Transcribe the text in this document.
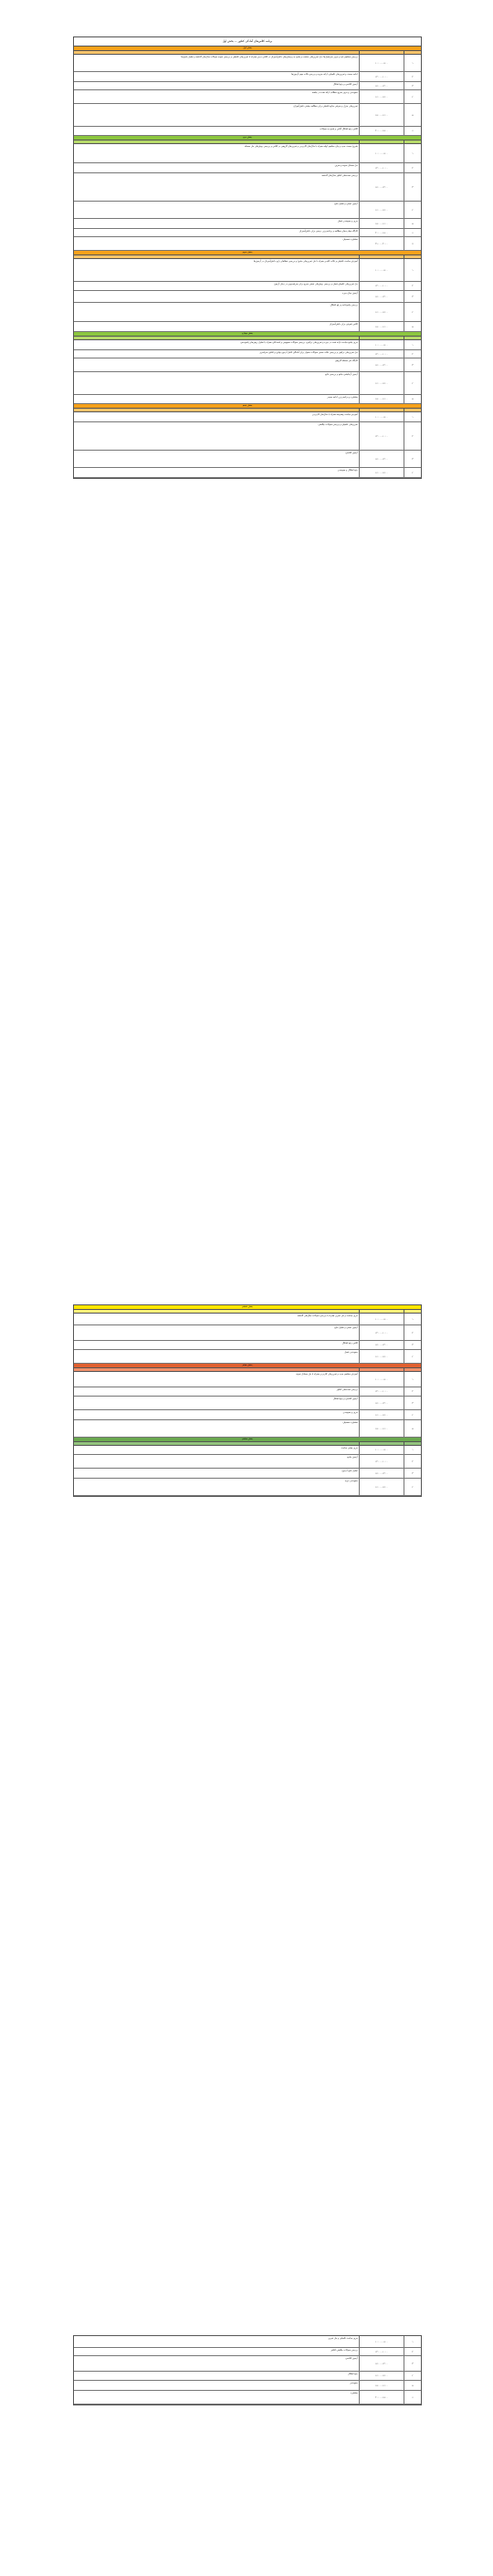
برنامه کلاس‌های آمادگی کنکور — بخش اول
بخش اول
بررسی مفاهیم پایه و مرور سرفصل‌ها، حل تمرین‌های منتخب و پاسخ به پرسش‌های دانش‌آموزان در کلاس درس همراه با تمرین‌های تکمیلی و بررسی نمونه سوالات سال‌های گذشته و تحلیل پاسخ‌ها
۱۰:۰۰ - ۰۸:۰۰	۱
ادامه مبحث و تمرین‌های تکمیلی، ارائه جزوه و بررسی نکات مهم آزمون‌ها
۱۲:۰۰ - ۱۰:۰۰	۲
آزمون کلاسی و رفع اشکال
۱۴:۰۰ - ۱۲:۰۰	۳
جمع‌بندی و مرور سریع مطالب ارائه شده در جلسه
۱۶:۰۰ - ۱۴:۰۰	۴
تمرین‌های منزل و معرفی منابع تکمیلی برای مطالعه بیشتر دانش‌آموزان
۱۸:۰۰ - ۱۶:۰۰	۵
کلاس رفع اشکال آنلاین و پاسخ به سوالات
۲۰:۰۰ - ۱۸:۰۰	۶
بخش دوم
شروع مبحث جدید و بیان مفاهیم اولیه همراه با مثال‌های کاربردی و تمرین‌های گروهی در کلاس و بررسی روش‌های حل مسئله
۱۰:۰۰ - ۰۸:۰۰	۱
حل مسائل نمونه و تمرین
۱۲:۰۰ - ۱۰:۰۰	۲
بررسی تست‌های کنکور سال‌های گذشته
۱۴:۰۰ - ۱۲:۰۰	۳
آزمون تستی و تحلیل نتایج
۱۶:۰۰ - ۱۴:۰۰	۴
مرور و جمع‌بندی فصل
۱۸:۰۰ - ۱۶:۰۰	۵
کارگاه مهارت‌های مطالعه و برنامه‌ریزی درسی برای دانش‌آموزان
۲۰:۰۰ - ۱۸:۰۰	۶
مشاوره تحصیلی
۲۱:۰۰ - ۲۰:۰۰	۷
بخش سوم
آموزش مباحث تکمیلی و نکات کلیدی همراه با حل تمرین‌های متنوع و بررسی خطاهای رایج دانش‌آموزان در آزمون‌ها
۱۰:۰۰ - ۰۸:۰۰	۱
حل تمرین‌های تکمیلی فصل و بررسی روش‌های تستی سریع برای صرفه‌جویی در زمان آزمون
۱۲:۰۰ - ۱۰:۰۰	۲
آزمون میان دوره
۱۴:۰۰ - ۱۲:۰۰	۳
بررسی پاسخ‌نامه و رفع اشکال
۱۶:۰۰ - ۱۴:۰۰	۴
کلاس تقویتی برای دانش‌آموزان
۱۸:۰۰ - ۱۶:۰۰	۵
بخش چهارم
مرور جامع مباحث ارائه شده در دوره و تمرین‌های ترکیبی، بررسی سوالات مفهومی و استدلالی همراه با تحلیل روش‌های پاسخ‌دهی
۱۰:۰۰ - ۰۸:۰۰	۱
حل تمرین‌های ترکیبی و بررسی نکات تستی سوالات دشوار برای آمادگی کامل آزمون نهایی و کنکور سراسری
۱۲:۰۰ - ۱۰:۰۰	۲
کارگاه حل مسئله گروهی
۱۴:۰۰ - ۱۲:۰۰	۳
آزمون آزمایشی جامع و بررسی نتایج
۱۶:۰۰ - ۱۴:۰۰	۴
مشاوره و برنامه‌ریزی ادامه مسیر
۱۸:۰۰ - ۱۶:۰۰	۵
بخش پنجم
آموزش مباحث پیشرفته همراه با مثال‌های کاربردی
۱۰:۰۰ - ۰۸:۰۰	۱
تمرین‌های تکمیلی و بررسی سوالات چالشی
۱۲:۰۰ - ۱۰:۰۰	۲
آزمون کلاسی
۱۴:۰۰ - ۱۲:۰۰	۳
رفع اشکال و جمع‌بندی
۱۶:۰۰ - ۱۴:۰۰	۴
بخش ششم
مرور مباحث و حل تمرین همراه با بررسی سوالات سال‌های گذشته
۱۰:۰۰ - ۰۸:۰۰	۱
آزمون تستی و تحلیل نتایج
۱۲:۰۰ - ۱۰:۰۰	۲
کلاس رفع اشکال
۱۴:۰۰ - ۱۲:۰۰	۳
جمع‌بندی فصل
۱۶:۰۰ - ۱۴:۰۰	۴
بخش هفتم
آموزش مفاهیم جدید و تمرین‌های کاربردی همراه با حل مسائل نمونه
۱۰:۰۰ - ۰۸:۰۰	۱
بررسی تست‌های کنکور
۱۲:۰۰ - ۱۰:۰۰	۲
آزمون کلاسی و رفع اشکال
۱۴:۰۰ - ۱۲:۰۰	۳
مرور و جمع‌بندی
۱۶:۰۰ - ۱۴:۰۰	۴
مشاوره تحصیلی
۱۸:۰۰ - ۱۶:۰۰	۵
بخش هشتم
مرور نهایی مباحث
۱۰:۰۰ - ۰۸:۰۰	۱
آزمون جامع
۱۲:۰۰ - ۱۰:۰۰	۲
تحلیل نتایج آزمون
۱۴:۰۰ - ۱۲:۰۰	۳
جمع‌بندی دوره
۱۶:۰۰ - ۱۴:۰۰	۴
مرور مباحث تکمیلی و حل تمرین
۱۰:۰۰ - ۰۸:۰۰	۱
بررسی سوالات چالشی کنکور
۱۲:۰۰ - ۱۰:۰۰	۲
آزمون کلاسی
۱۴:۰۰ - ۱۲:۰۰	۳
رفع اشکال
۱۶:۰۰ - ۱۴:۰۰	۴
جمع‌بندی
۱۸:۰۰ - ۱۶:۰۰	۵
مشاوره
۲۰:۰۰ - ۱۸:۰۰	۶
